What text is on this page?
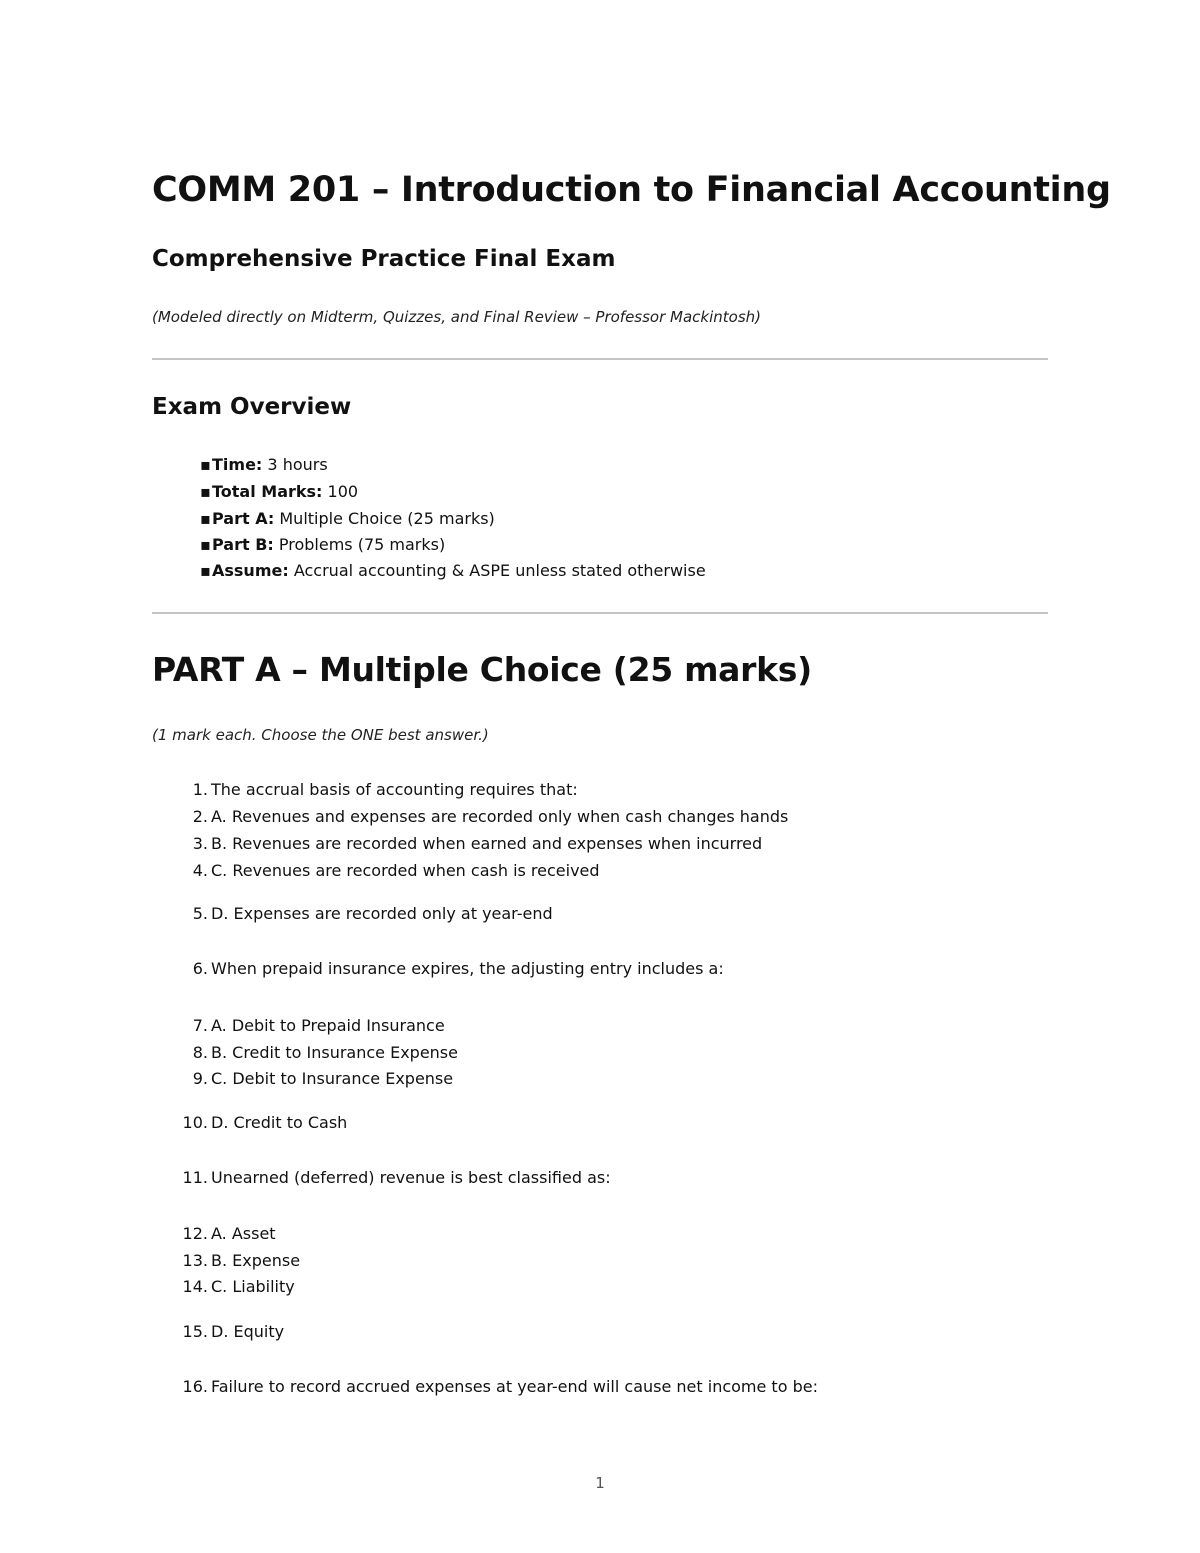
COMM 201 – Introduction to Financial Accounting
Comprehensive Practice Final Exam
(Modeled directly on Midterm, Quizzes, and Final Review – Professor Mackintosh)
Exam Overview
▪Time: 3 hours
▪Total Marks: 100
▪Part A: Multiple Choice (25 marks)
▪Part B: Problems (75 marks)
▪Assume: Accrual accounting & ASPE unless stated otherwise
PART A – Multiple Choice (25 marks)
(1 mark each. Choose the ONE best answer.)
1. The accrual basis of accounting requires that:
2. A. Revenues and expenses are recorded only when cash changes hands
3. B. Revenues are recorded when earned and expenses when incurred
4. C. Revenues are recorded when cash is received
5. D. Expenses are recorded only at year-end
6. When prepaid insurance expires, the adjusting entry includes a:
7. A. Debit to Prepaid Insurance
8. B. Credit to Insurance Expense
9. C. Debit to Insurance Expense
10. D. Credit to Cash
11. Unearned (deferred) revenue is best classified as:
12. A. Asset
13. B. Expense
14. C. Liability
15. D. Equity
16. Failure to record accrued expenses at year-end will cause net income to be:
1
